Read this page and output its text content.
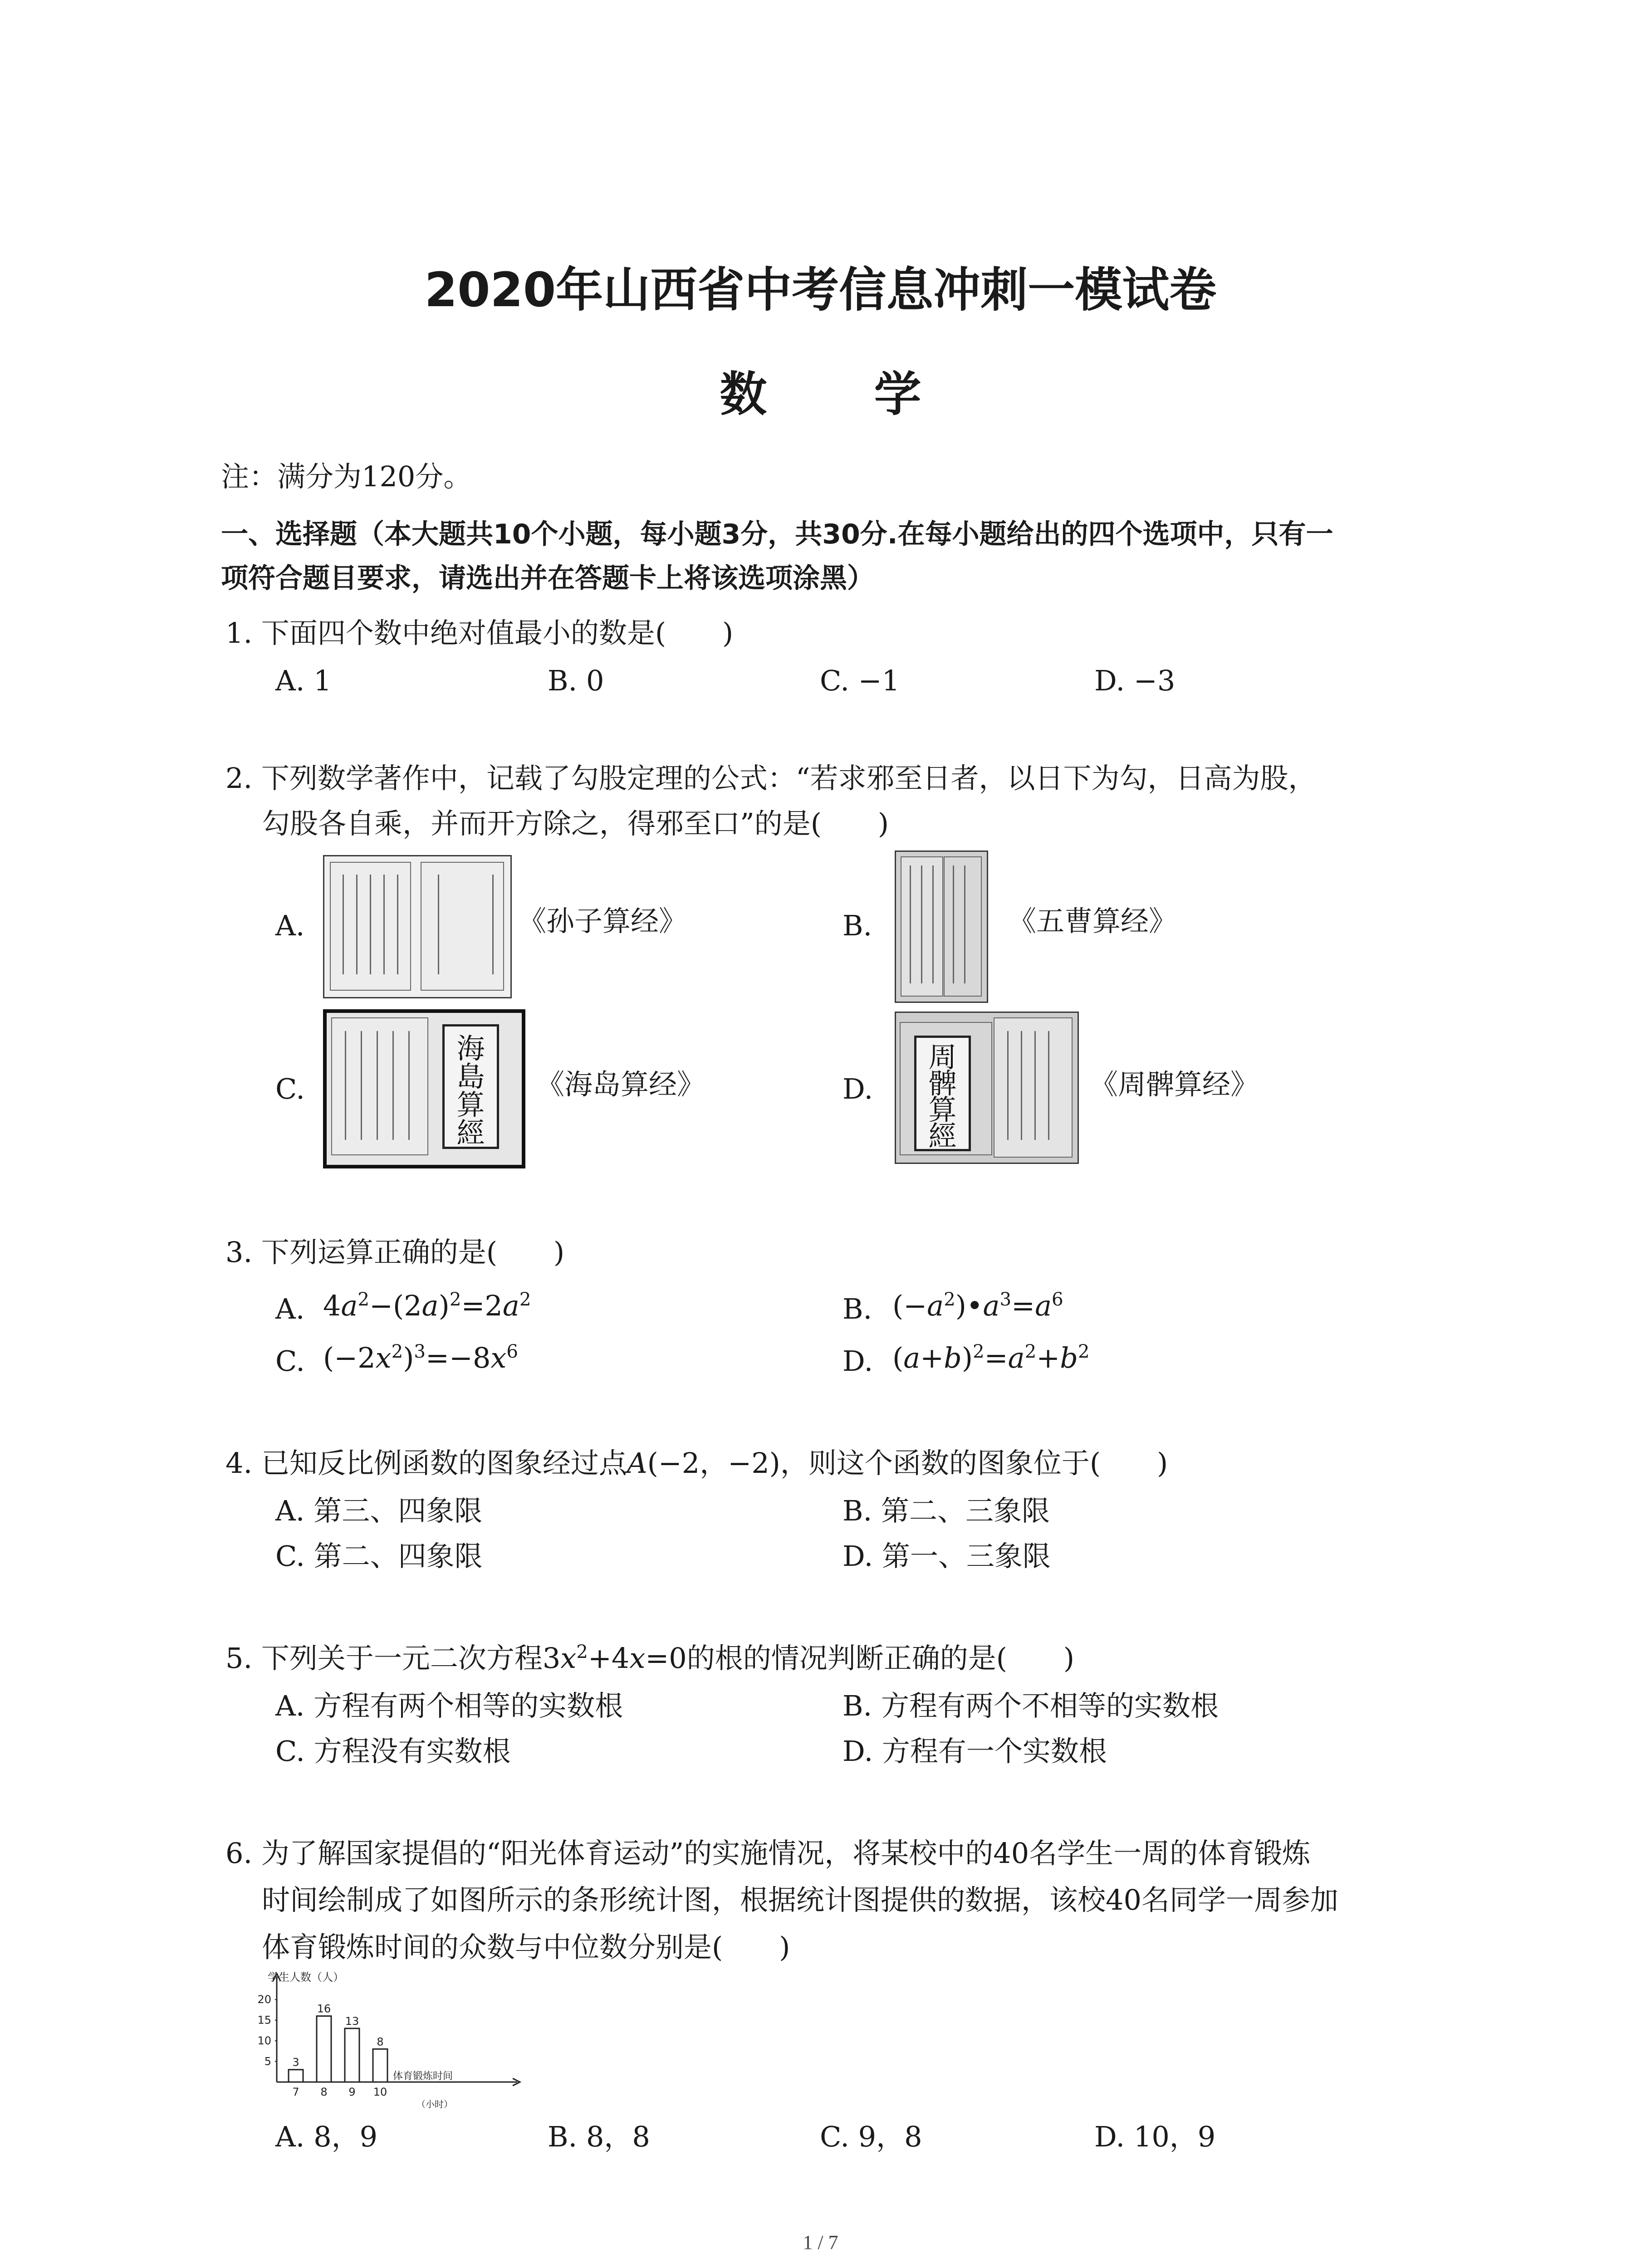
2020年山西省中考信息冲刺一模试卷
数 学
注：满分为120分。
一、选择题（本大题共10个小题，每小题3分，共30分.在每小题给出的四个选项中，只有一
项符合题目要求，请选出并在答题卡上将该选项涂黑）
1. 下面四个数中绝对值最小的数是(　　)
A. 1	B. 0	C. −1	D. −3
2. 下列数学著作中，记载了勾股定理的公式：“若求邪至日者，以日下为勾，日高为股，
勾股各自乘，并而开方除之，得邪至口”的是(　　)
A.	《孙子算经》	B.	《五曹算经》
C.
海
島
算
經
《海岛算经》	D.
周
髀
算
經
《周髀算经》
3. 下列运算正确的是(　　)
A. $4a^2-(2a)^2=2a^2$	B. $(-a^2)•a^3=a^6$
C. $(-2x^2)^3=-8x^6$	D. $(a+b)^2=a^2+b^2$
4. 已知反比例函数的图象经过点A(−2，−2)，则这个函数的图象位于(　　)
A. 第三、四象限	B. 第二、三象限
C. 第二、四象限	D. 第一、三象限
5. 下列关于一元二次方程$3x^2+4x=0$的根的情况判断正确的是(　　)
A. 方程有两个相等的实数根	B. 方程有两个不相等的实数根
C. 方程没有实数根	D. 方程有一个实数根
6. 为了解国家提倡的“阳光体育运动”的实施情况，将某校中的40名学生一周的体育锻炼
时间绘制成了如图所示的条形统计图，根据统计图提供的数据，该校40名同学一周参加
体育锻炼时间的众数与中位数分别是(　　)
学生人数（人）
5
10
15
20
3
7
16
8
13
9
8
10
体育锻炼时间
（小时）
A. 8，9	B. 8，8	C. 9，8	D. 10，9
1 / 7
